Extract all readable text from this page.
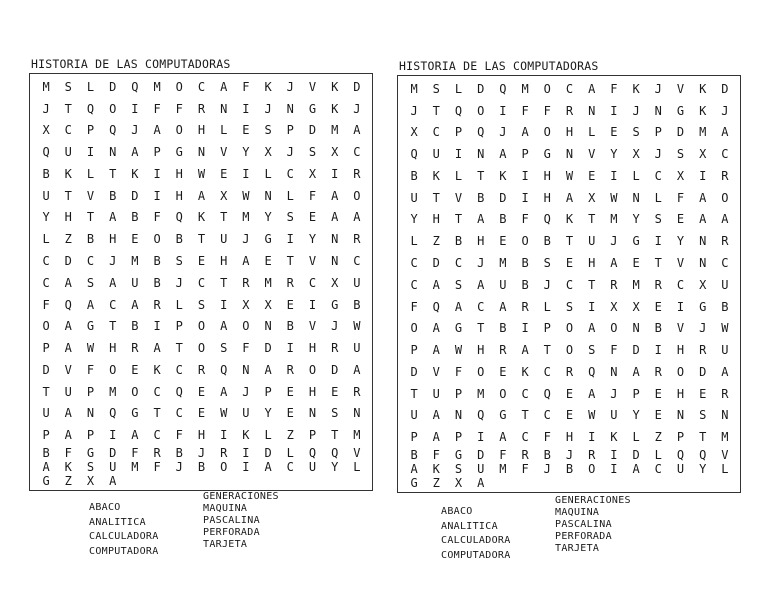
HISTORIA DE LAS COMPUTADORAS
M	S	L	D	Q	M	O	C	A	F	K	J	V	K	D
J	T	Q	O	I	F	F	R	N	I	J	N	G	K	J
X	C	P	Q	J	A	O	H	L	E	S	P	D	M	A
Q	U	I	N	A	P	G	N	V	Y	X	J	S	X	C
B	K	L	T	K	I	H	W	E	I	L	C	X	I	R
U	T	V	B	D	I	H	A	X	W	N	L	F	A	O
Y	H	T	A	B	F	Q	K	T	M	Y	S	E	A	A
L	Z	B	H	E	O	B	T	U	J	G	I	Y	N	R
C	D	C	J	M	B	S	E	H	A	E	T	V	N	C
C	A	S	A	U	B	J	C	T	R	M	R	C	X	U
F	Q	A	C	A	R	L	S	I	X	X	E	I	G	B
O	A	G	T	B	I	P	O	A	O	N	B	V	J	W
P	A	W	H	R	A	T	O	S	F	D	I	H	R	U
D	V	F	O	E	K	C	R	Q	N	A	R	O	D	A
T	U	P	M	O	C	Q	E	A	J	P	E	H	E	R
U	A	N	Q	G	T	C	E	W	U	Y	E	N	S	N
P	A	P	I	A	C	F	H	I	K	L	Z	P	T	M
B	F	G	D	F	R	B	J	R	I	D	L	Q	Q	V
A	K	S	U	M	F	J	B	O	I	A	C	U	Y	L
G	Z	X	A
ABACO
ANALITICA
CALCULADORA
COMPUTADORA
GENERACIONES
MAQUINA
PASCALINA
PERFORADA
TARJETA
HISTORIA DE LAS COMPUTADORAS
M	S	L	D	Q	M	O	C	A	F	K	J	V	K	D
J	T	Q	O	I	F	F	R	N	I	J	N	G	K	J
X	C	P	Q	J	A	O	H	L	E	S	P	D	M	A
Q	U	I	N	A	P	G	N	V	Y	X	J	S	X	C
B	K	L	T	K	I	H	W	E	I	L	C	X	I	R
U	T	V	B	D	I	H	A	X	W	N	L	F	A	O
Y	H	T	A	B	F	Q	K	T	M	Y	S	E	A	A
L	Z	B	H	E	O	B	T	U	J	G	I	Y	N	R
C	D	C	J	M	B	S	E	H	A	E	T	V	N	C
C	A	S	A	U	B	J	C	T	R	M	R	C	X	U
F	Q	A	C	A	R	L	S	I	X	X	E	I	G	B
O	A	G	T	B	I	P	O	A	O	N	B	V	J	W
P	A	W	H	R	A	T	O	S	F	D	I	H	R	U
D	V	F	O	E	K	C	R	Q	N	A	R	O	D	A
T	U	P	M	O	C	Q	E	A	J	P	E	H	E	R
U	A	N	Q	G	T	C	E	W	U	Y	E	N	S	N
P	A	P	I	A	C	F	H	I	K	L	Z	P	T	M
B	F	G	D	F	R	B	J	R	I	D	L	Q	Q	V
A	K	S	U	M	F	J	B	O	I	A	C	U	Y	L
G	Z	X	A
ABACO
ANALITICA
CALCULADORA
COMPUTADORA
GENERACIONES
MAQUINA
PASCALINA
PERFORADA
TARJETA
